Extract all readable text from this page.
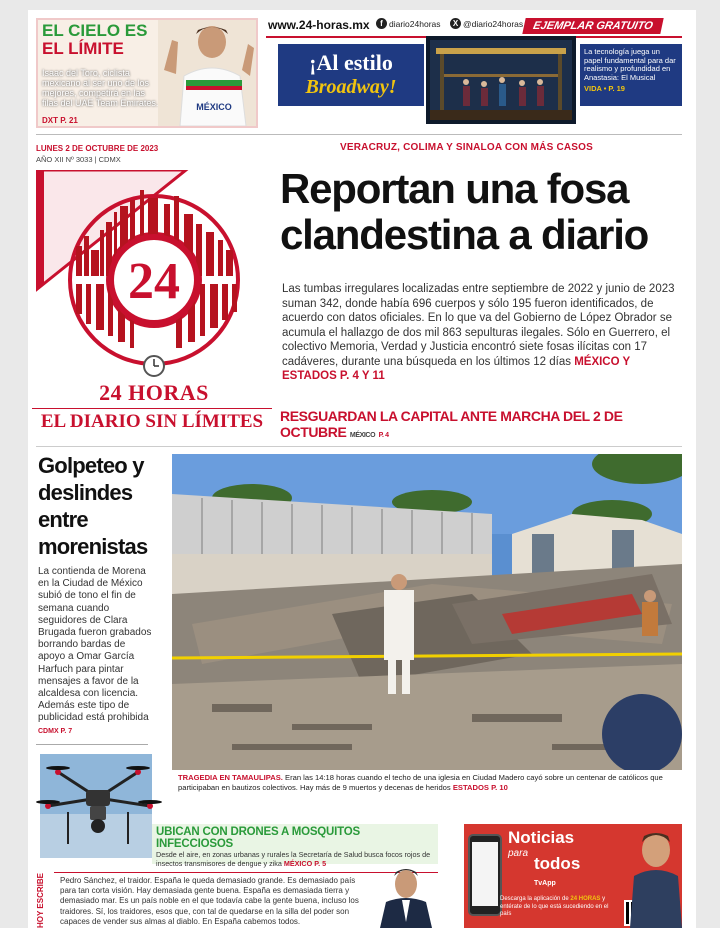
EL CIELO ES
EL LÍMITE
Isaac del Toro, ciclista mexicano al ser uno de los mejores, competirá en las filas del UAE Team Emirates.
DXT P. 21
MÉXICO
www.24-horas.mx	f diario24horas	X @diario24horas EJEMPLAR GRATUITO
¡Al estilo
Broadway!
La tecnología juega un papel fundamental para dar realismo y profundidad en Anastasia: El Musical
VIDA • P. 19
LUNES 2 DE OCTUBRE DE 2023
AÑO XII Nº 3033 | CDMX
24
24 HORAS
EL DIARIO SIN LÍMITES
VERACRUZ, COLIMA Y SINALOA CON MÁS CASOS
Reportan una fosa clandestina a diario

Las tumbas irregulares localizadas entre septiembre de 2022 y junio de 2023 suman 342, donde había 696 cuerpos y sólo 195 fueron identificados, de acuerdo con datos oficiales. En lo que va del Gobierno de López Obrador se acumula el hallazgo de dos mil 863 sepulturas ilegales. Sólo en Guerrero, el colectivo Memoria, Verdad y Justicia encontró siete fosas ilícitas con 17 cadáveres, durante una búsqueda en los últimos 12 días MÉXICO Y ESTADOS P. 4 Y 11

RESGUARDAN LA CAPITAL ANTE MARCHA DEL 2 DE OCTUBRE MÉXICO P. 4
Golpeteo y deslindes entre morenistas

La contienda de Morena en la Ciudad de México subió de tono el fin de semana cuando seguidores de Clara Brugada fueron grabados borrando bardas de apoyo a Omar García Harfuch para pintar mensajes a favor de la alcaldesa con licencia. Además este tipo de publicidad está prohibida CDMX P. 7

TRAGEDIA EN TAMAULIPAS. Eran las 14:18 horas cuando el techo de una iglesia en Ciudad Madero cayó sobre un centenar de católicos que participaban en bautizos colectivos. Hay más de 9 muertos y decenas de heridos ESTADOS P. 10
UBICAN CON DRONES A MOSQUITOS INFECCIOSOS
Desde el aire, en zonas urbanas y rurales la Secretaría de Salud busca focos rojos de insectos transmisores de dengue y zika MÉXICO P. 5
Noticias
para
todos
TvApp
Descarga la aplicación de 24 HORAS y entérate de lo que está sucediendo en el país
HOY ESCRIBE	Pedro Sánchez, el traidor. España le queda demasiado grande. Es demasiado país para tan corta visión. Hay demasiada gente buena. España es demasiada tierra y demasiado mar. Es un país noble en el que todavía cabe la gente buena, incluso los traidores. Sí, los traidores, esos que, con tal de quedarse en la silla del poder son capaces de vender sus almas al diablo. En España cabemos todos.
